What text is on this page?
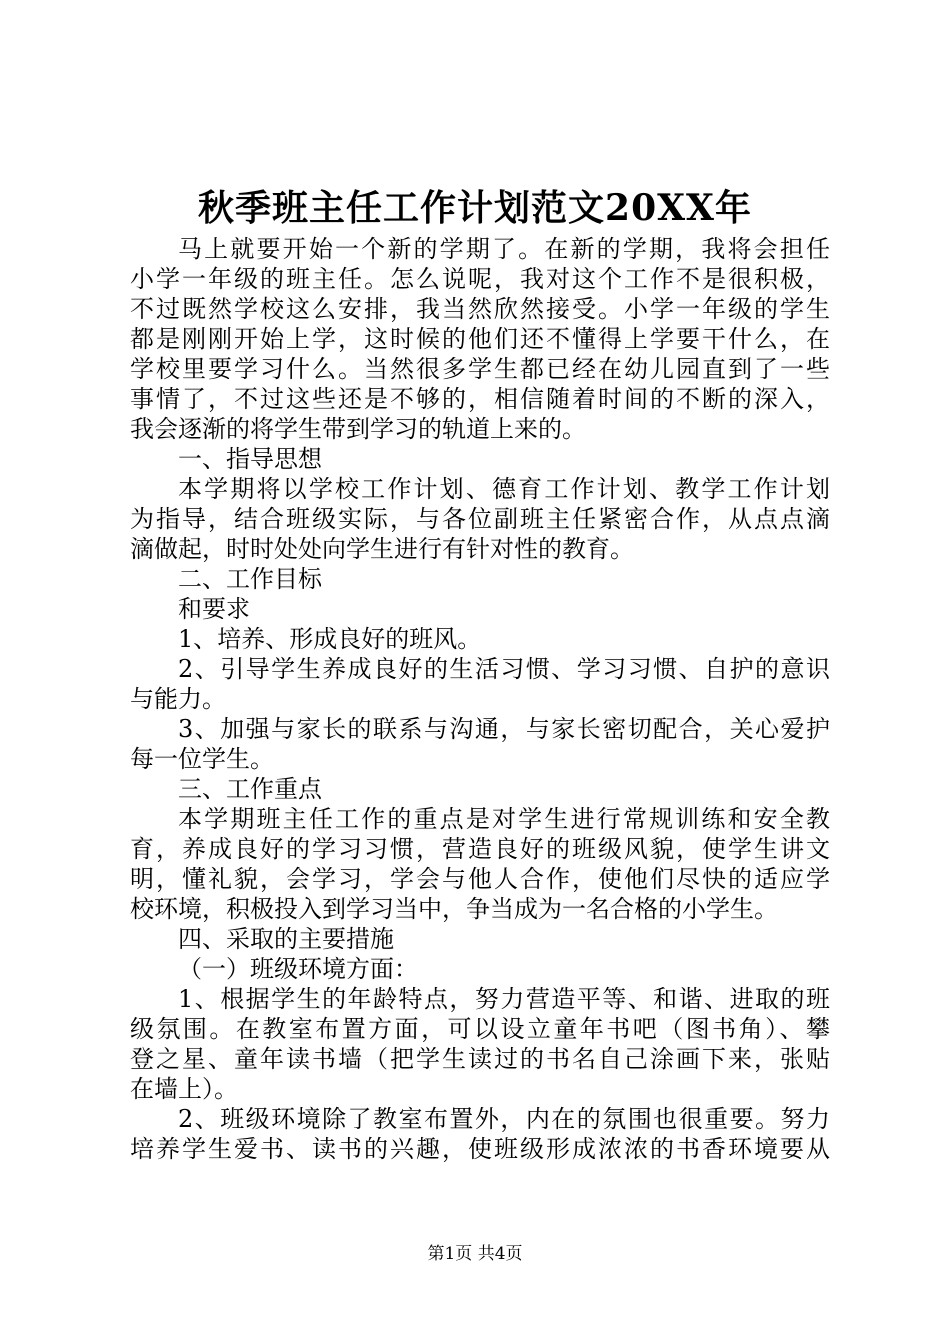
秋季班主任工作计划范文20XX年
马上就要开始一个新的学期了。在新的学期，我将会担任
小学一年级的班主任。怎么说呢，我对这个工作不是很积极，
不过既然学校这么安排，我当然欣然接受。小学一年级的学生
都是刚刚开始上学，这时候的他们还不懂得上学要干什么，在
学校里要学习什么。当然很多学生都已经在幼儿园直到了一些
事情了，不过这些还是不够的，相信随着时间的不断的深入，
我会逐渐的将学生带到学习的轨道上来的。
一、指导思想
本学期将以学校工作计划、德育工作计划、教学工作计划
为指导，结合班级实际，与各位副班主任紧密合作，从点点滴
滴做起，时时处处向学生进行有针对性的教育。
二、工作目标
和要求
1、培养、形成良好的班风。
2、引导学生养成良好的生活习惯、学习习惯、自护的意识
与能力。
3、加强与家长的联系与沟通，与家长密切配合，关心爱护
每一位学生。
三、工作重点
本学期班主任工作的重点是对学生进行常规训练和安全教
育，养成良好的学习习惯，营造良好的班级风貌，使学生讲文
明，懂礼貌，会学习，学会与他人合作，使他们尽快的适应学
校环境，积极投入到学习当中，争当成为一名合格的小学生。
四、采取的主要措施
（一）班级环境方面：
1、根据学生的年龄特点，努力营造平等、和谐、进取的班
级氛围。在教室布置方面，可以设立童年书吧（图书角）、攀
登之星、童年读书墙（把学生读过的书名自己涂画下来，张贴
在墙上）。
2、班级环境除了教室布置外，内在的氛围也很重要。努力
培养学生爱书、读书的兴趣，使班级形成浓浓的书香环境要从
第1页 共4页
